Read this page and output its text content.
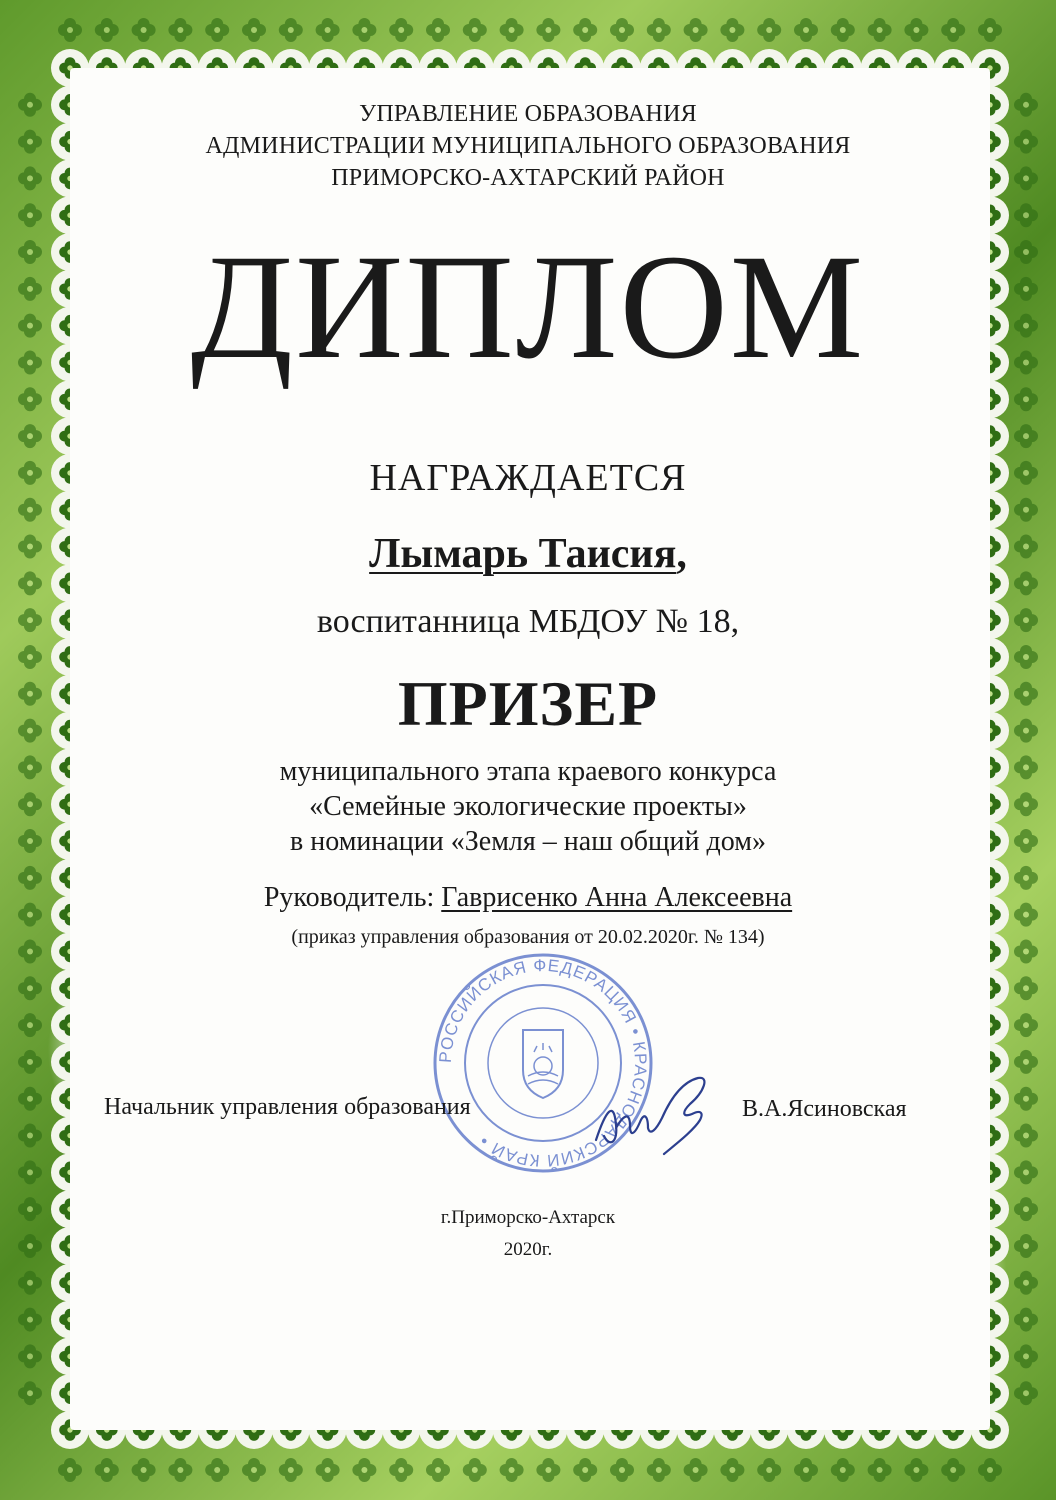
УПРАВЛЕНИЕ ОБРАЗОВАНИЯ
АДМИНИСТРАЦИИ МУНИЦИПАЛЬНОГО ОБРАЗОВАНИЯ
ПРИМОРСКО-АХТАРСКИЙ РАЙОН
ДИПЛОМ
НАГРАЖДАЕТСЯ
Лымарь Таисия,
воспитанница МБДОУ № 18,
ПРИЗЕР
муниципального этапа краевого конкурса
«Семейные экологические проекты»
в номинации «Земля – наш общий дом»
Руководитель: Гаврисенко Анна Алексеевна
(приказ управления образования от 20.02.2020г. № 134)
РОССИЙСКАЯ ФЕДЕРАЦИЯ • КРАСНОДАРСКИЙ КРАЙ •
Начальник управления образования	В.А.Ясиновская
г.Приморско-Ахтарск
2020г.
